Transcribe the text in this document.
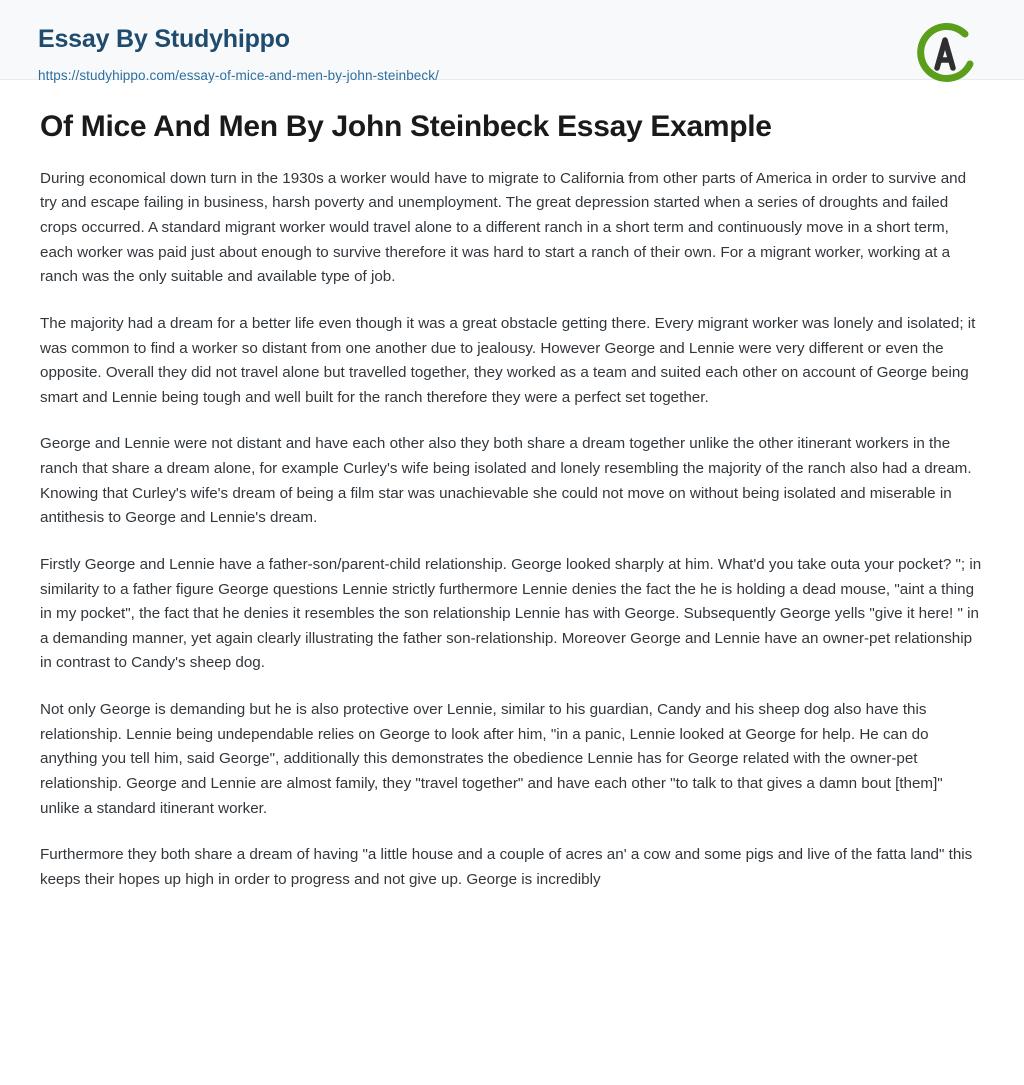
Essay By Studyhippo
https://studyhippo.com/essay-of-mice-and-men-by-john-steinbeck/
Of Mice And Men By John Steinbeck Essay Example

During economical down turn in the 1930s a worker would have to migrate to California from other parts of America in order to survive and try and escape failing in business, harsh poverty and unemployment. The great depression started when a series of droughts and failed crops occurred. A standard migrant worker would travel alone to a different ranch in a short term and continuously move in a short term, each worker was paid just about enough to survive therefore it was hard to start a ranch of their own. For a migrant worker, working at a ranch was the only suitable and available type of job.

The majority had a dream for a better life even though it was a great obstacle getting there. Every migrant worker was lonely and isolated; it was common to find a worker so distant from one another due to jealousy. However George and Lennie were very different or even the opposite. Overall they did not travel alone but travelled together, they worked as a team and suited each other on account of George being smart and Lennie being tough and well built for the ranch therefore they were a perfect set together.

George and Lennie were not distant and have each other also they both share a dream together unlike the other itinerant workers in the ranch that share a dream alone, for example Curley's wife being isolated and lonely resembling the majority of the ranch also had a dream. Knowing that Curley's wife's dream of being a film star was unachievable she could not move on without being isolated and miserable in antithesis to George and Lennie's dream.

Firstly George and Lennie have a father-son/parent-child relationship. George looked sharply at him. What'd you take outa your pocket? "; in similarity to a father figure George questions Lennie strictly furthermore Lennie denies the fact the he is holding a dead mouse, "aint a thing in my pocket", the fact that he denies it resembles the son relationship Lennie has with George. Subsequently George yells "give it here! " in a demanding manner, yet again clearly illustrating the father son-relationship. Moreover George and Lennie have an owner-pet relationship in contrast to Candy's sheep dog.

Not only George is demanding but he is also protective over Lennie, similar to his guardian, Candy and his sheep dog also have this relationship. Lennie being undependable relies on George to look after him, "in a panic, Lennie looked at George for help. He can do anything you tell him, said George", additionally this demonstrates the obedience Lennie has for George related with the owner-pet relationship. George and Lennie are almost family, they "travel together" and have each other "to talk to that gives a damn bout [them]" unlike a standard itinerant worker.

Furthermore they both share a dream of having "a little house and a couple of acres an' a cow and some pigs and live of the fatta land" this keeps their hopes up high in order to progress and not give up. George is incredibly
